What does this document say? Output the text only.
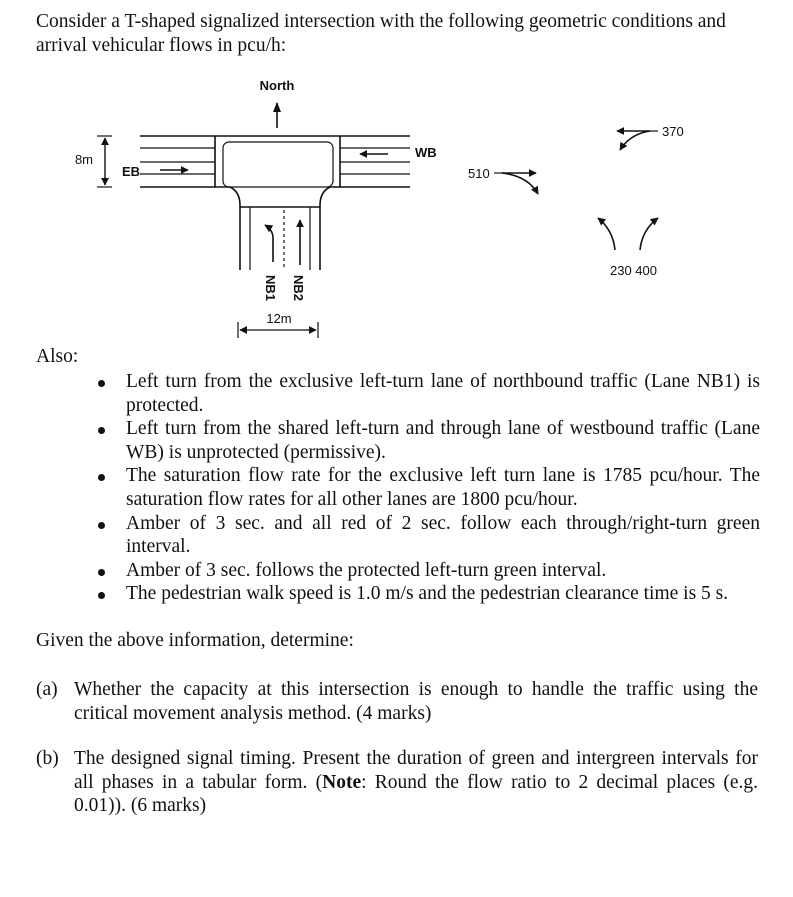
Consider a T-shaped signalized intersection with the following geometric conditions and arrival vehicular flows in pcu/h:

North
NB1 NB2
12m
8m
EB
WB
370
510
230 400

Also:

Left turn from the exclusive left-turn lane of northbound traffic (Lane NB1) is protected.
Left turn from the shared left-turn and through lane of westbound traffic (Lane WB) is unprotected (permissive).
The saturation flow rate for the exclusive left turn lane is 1785 pcu/hour. The saturation flow rates for all other lanes are 1800 pcu/hour.
Amber of 3 sec. and all red of 2 sec. follow each through/right-turn green interval.
Amber of 3 sec. follows the protected left-turn green interval.
The pedestrian walk speed is 1.0 m/s and the pedestrian clearance time is 5 s.

Given the above information, determine:

(a) Whether the capacity at this intersection is enough to handle the traffic using the critical movement analysis method. (4 marks)
(b) The designed signal timing. Present the duration of green and intergreen intervals for all phases in a tabular form. (Note: Round the flow ratio to 2 decimal places (e.g. 0.01)). (6 marks)
